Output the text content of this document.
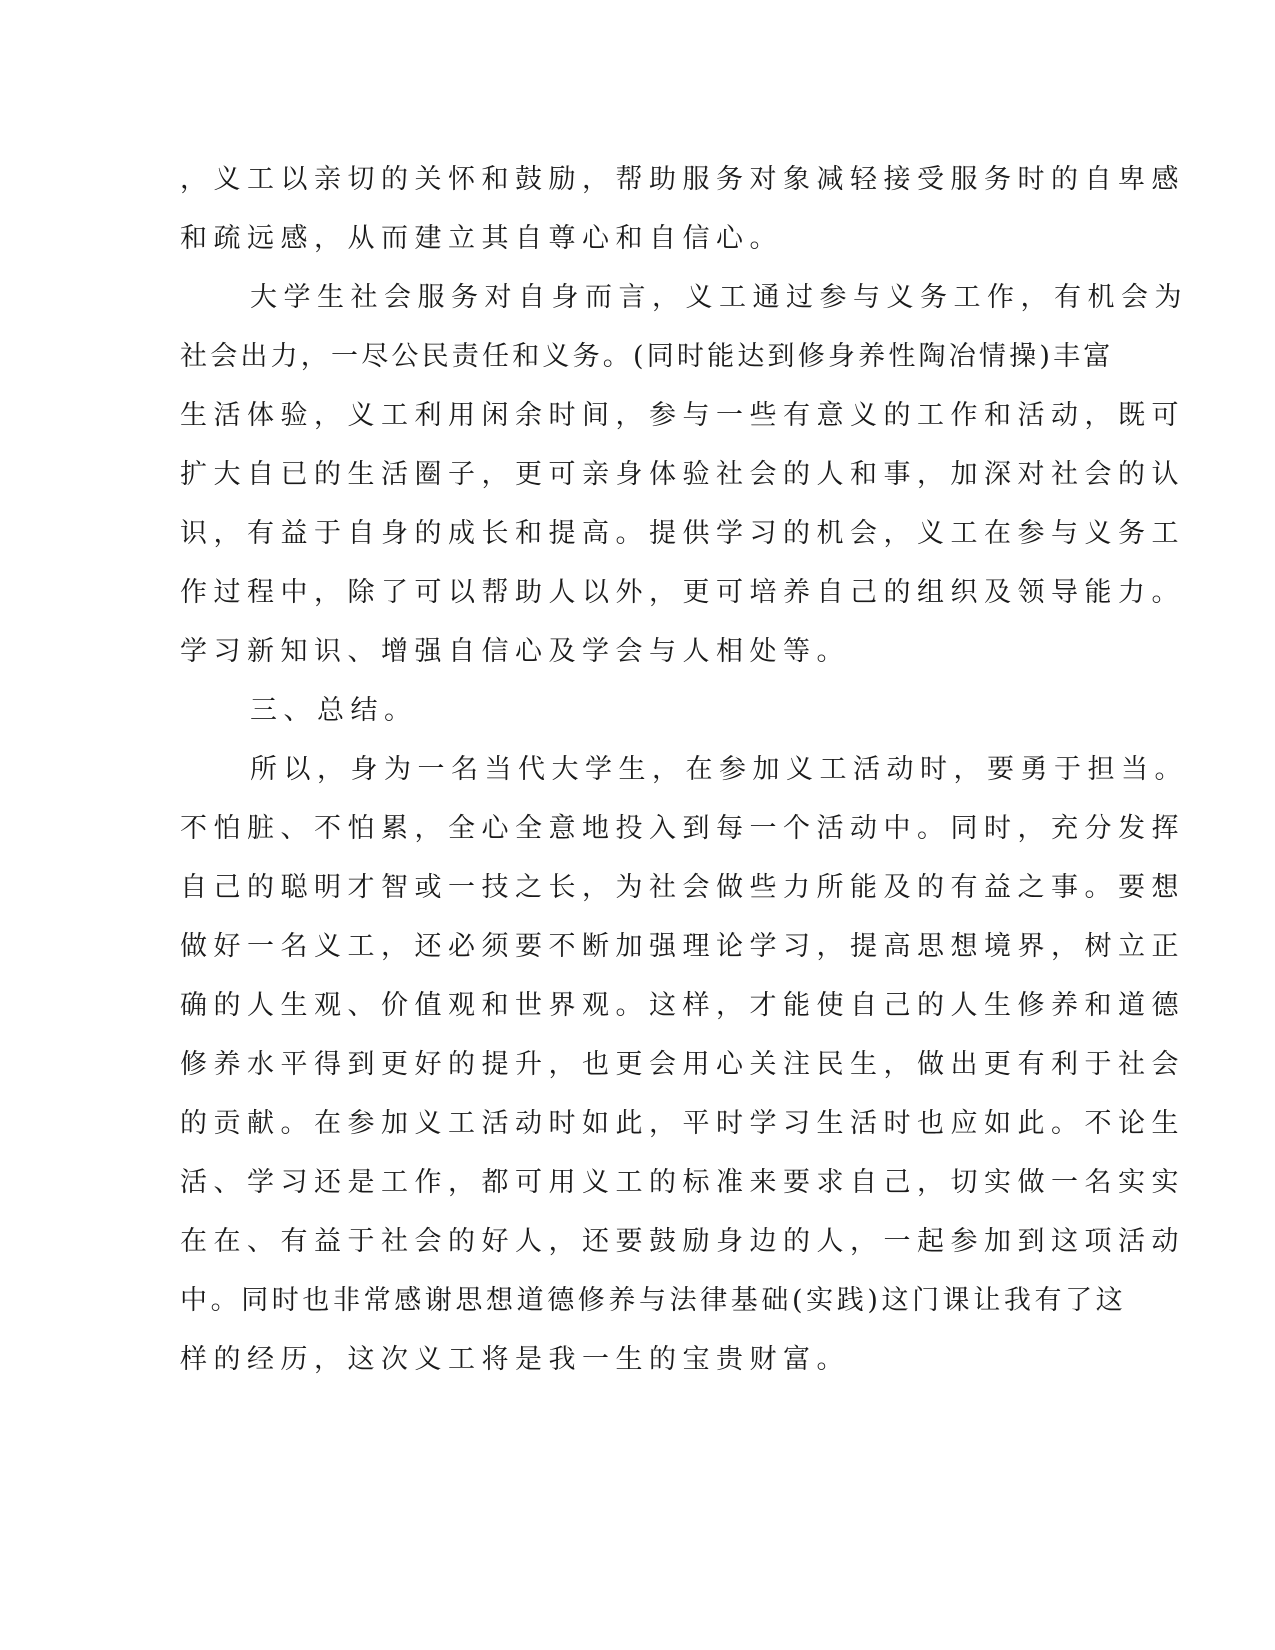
，义工以亲切的关怀和鼓励，帮助服务对象减轻接受服务时的自卑感
和疏远感，从而建立其自尊心和自信心。
大学生社会服务对自身而言，义工通过参与义务工作，有机会为
社会出力，一尽公民责任和义务。(同时能达到修身养性陶冶情操)丰富
生活体验，义工利用闲余时间，参与一些有意义的工作和活动，既可
扩大自已的生活圈子，更可亲身体验社会的人和事，加深对社会的认
识，有益于自身的成长和提高。提供学习的机会，义工在参与义务工
作过程中，除了可以帮助人以外，更可培养自己的组织及领导能力。
学习新知识、增强自信心及学会与人相处等。
三、总结。
所以，身为一名当代大学生，在参加义工活动时，要勇于担当。
不怕脏、不怕累，全心全意地投入到每一个活动中。同时，充分发挥
自己的聪明才智或一技之长，为社会做些力所能及的有益之事。要想
做好一名义工，还必须要不断加强理论学习，提高思想境界，树立正
确的人生观、价值观和世界观。这样，才能使自己的人生修养和道德
修养水平得到更好的提升，也更会用心关注民生，做出更有利于社会
的贡献。在参加义工活动时如此，平时学习生活时也应如此。不论生
活、学习还是工作，都可用义工的标准来要求自己，切实做一名实实
在在、有益于社会的好人，还要鼓励身边的人，一起参加到这项活动
中。同时也非常感谢思想道德修养与法律基础(实践)这门课让我有了这
样的经历，这次义工将是我一生的宝贵财富。
